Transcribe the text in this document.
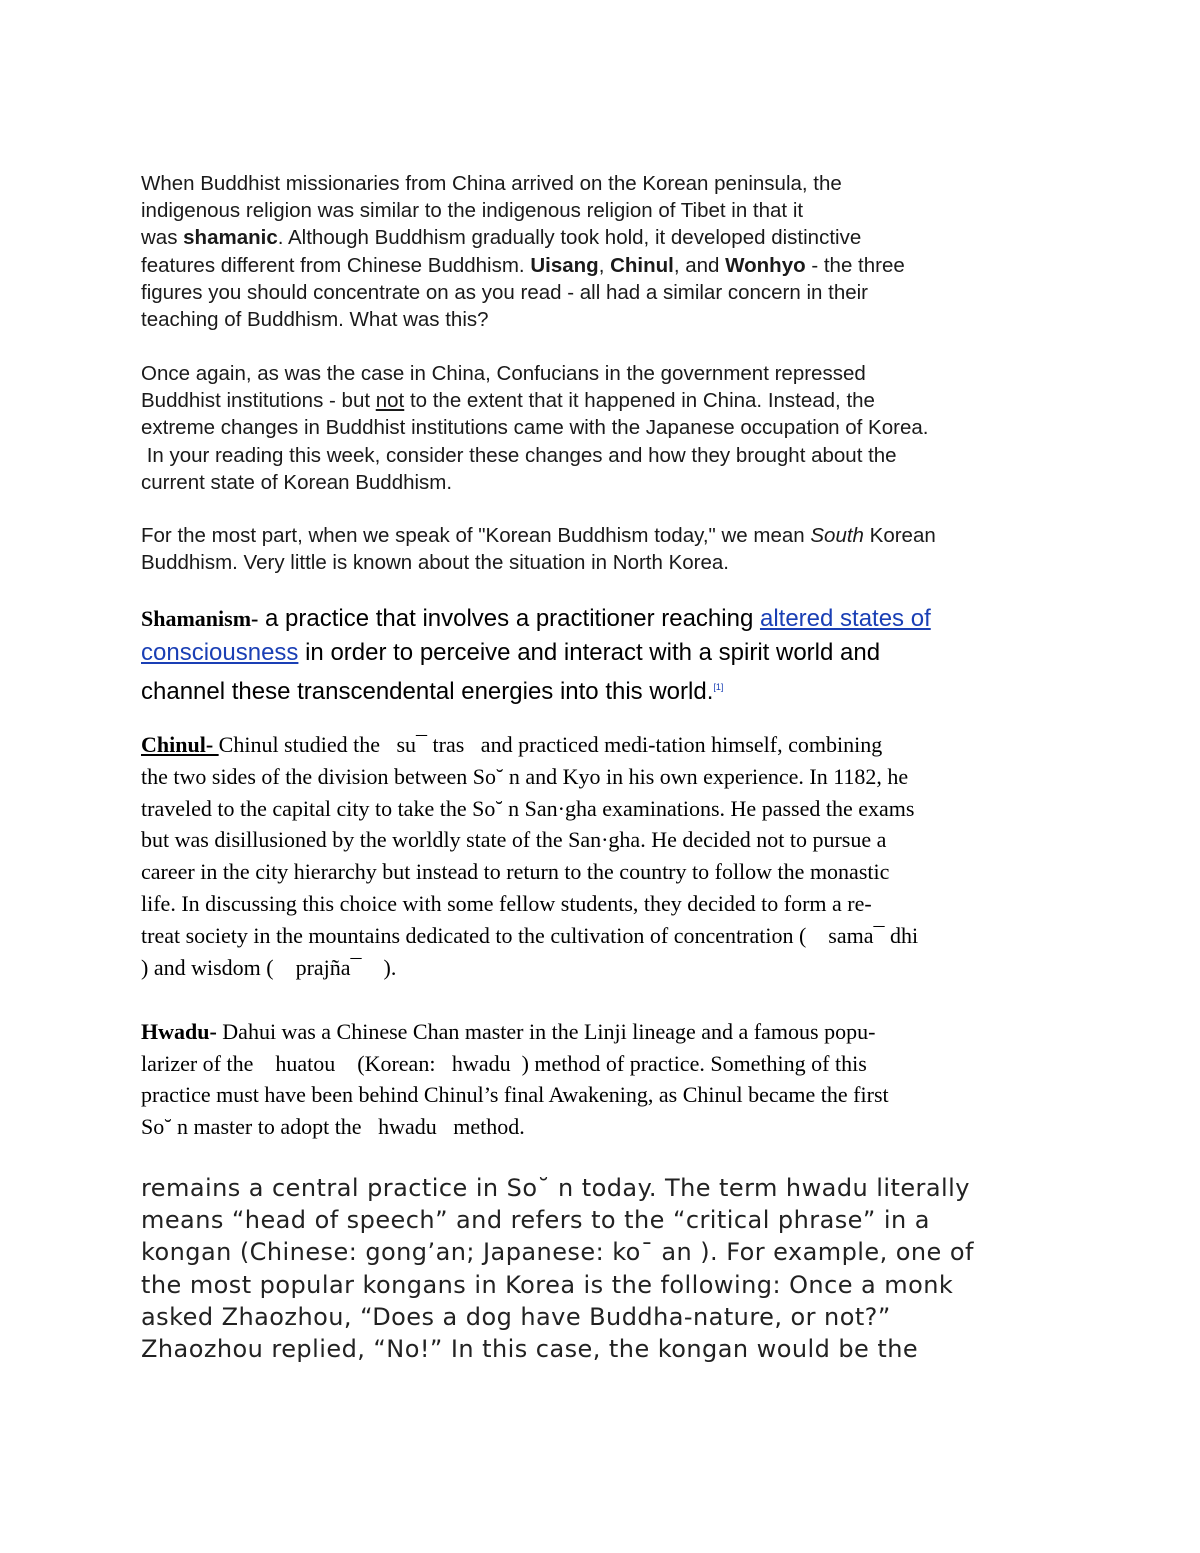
When Buddhist missionaries from China arrived on the Korean peninsula, the
indigenous religion was similar to the indigenous religion of Tibet in that it
was shamanic. Although Buddhism gradually took hold, it developed distinctive
features different from Chinese Buddhism. Uisang, Chinul, and Wonhyo - the three
figures you should concentrate on as you read - all had a similar concern in their
teaching of Buddhism. What was this?
Once again, as was the case in China, Confucians in the government repressed
Buddhist institutions - but not to the extent that it happened in China. Instead, the
extreme changes in Buddhist institutions came with the Japanese occupation of Korea.
In your reading this week, consider these changes and how they brought about the
current state of Korean Buddhism.
For the most part, when we speak of "Korean Buddhism today," we mean South Korean
Buddhism. Very little is known about the situation in North Korea.
Shamanism- a practice that involves a practitioner reaching altered states of
consciousness in order to perceive and interact with a spirit world and
channel these transcendental energies into this world.[1]
Chinul- Chinul studied the   su¯ tras   and practiced medi-tation himself, combining
the two sides of the division between So˘ n and Kyo in his own experience. In 1182, he
traveled to the capital city to take the So˘ n San·gha examinations. He passed the exams
but was disillusioned by the worldly state of the San·gha. He decided not to pursue a
career in the city hierarchy but instead to return to the country to follow the monastic
life. In discussing this choice with some fellow students, they decided to form a re-
treat society in the mountains dedicated to the cultivation of concentration (    sama¯ dhi
) and wisdom (    prajña¯    ).
Hwadu- Dahui was a Chinese Chan master in the Linji lineage and a famous popu-
larizer of the    huatou    (Korean:   hwadu  ) method of practice. Something of this
practice must have been behind Chinul’s final Awakening, as Chinul became the first
So˘ n master to adopt the   hwadu   method.
remains a central practice in So˘ n today. The term hwadu literally
means “head of speech” and refers to the “critical phrase” in a
kongan (Chinese: gong’an; Japanese: ko¯ an ). For example, one of
the most popular kongans in Korea is the following: Once a monk
asked Zhaozhou, “Does a dog have Buddha-nature, or not?”
Zhaozhou replied, “No!” In this case, the kongan would be the
